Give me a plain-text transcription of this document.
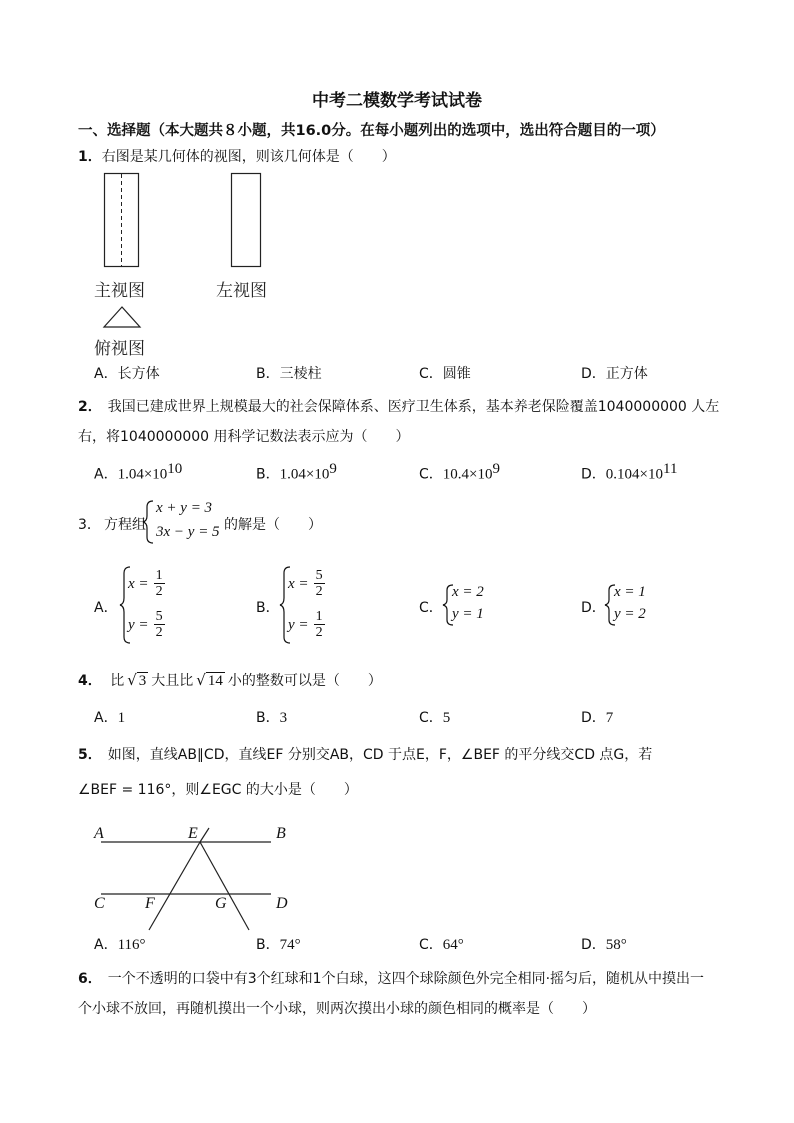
中考二模数学考试试卷
一、选择题（本大题共８小题，共16.0分。在每小题列出的选项中，选出符合题目的一项）
1．右图是某几何体的视图，则该几何体是（　　）
主视图	左视图
俯视图
A．长方体	B．三棱柱	C．圆锥	D．正方体
2． 我国已建成世界上规模最大的社会保障体系、医疗卫生体系，基本养老保险覆盖1040000000 人左
右，将1040000000 用科学记数法表示应为（　　）
A．$1.04\times 10^{10}$	B．$1.04\times 10^9$	C．$10.4\times 10^9$	D．$0.104\times 10^{11}$
3． 方程组
x + y = 3
3x − y = 5 的解是（　　）
A．
$x = \frac{1}{2}$
$y = \frac{5}{2}$
B．
$x = \frac{5}{2}$
$y = \frac{1}{2}$
C．
x = 2
y = 1	D．
x = 1
y = 2
4． 比 √ 3 大且比 √ 14 小的整数可以是（　　）
A．1	B．3	C．5	D．7
5． 如图，直线AB∥CD，直线EF 分别交AB，CD 于点E，F，∠BEF 的平分线交CD 点G，若
∠BEF = 116°，则∠EGC 的大小是（　　）
A	E	B
C	F	G	D
A．116°	B．74°	C．64°	D．58°
6． 一个不透明的口袋中有3个红球和1个白球，这四个球除颜色外完全相同·摇匀后，随机从中摸出一
个小球不放回，再随机摸出一个小球，则两次摸出小球的颜色相同的概率是（　　）
